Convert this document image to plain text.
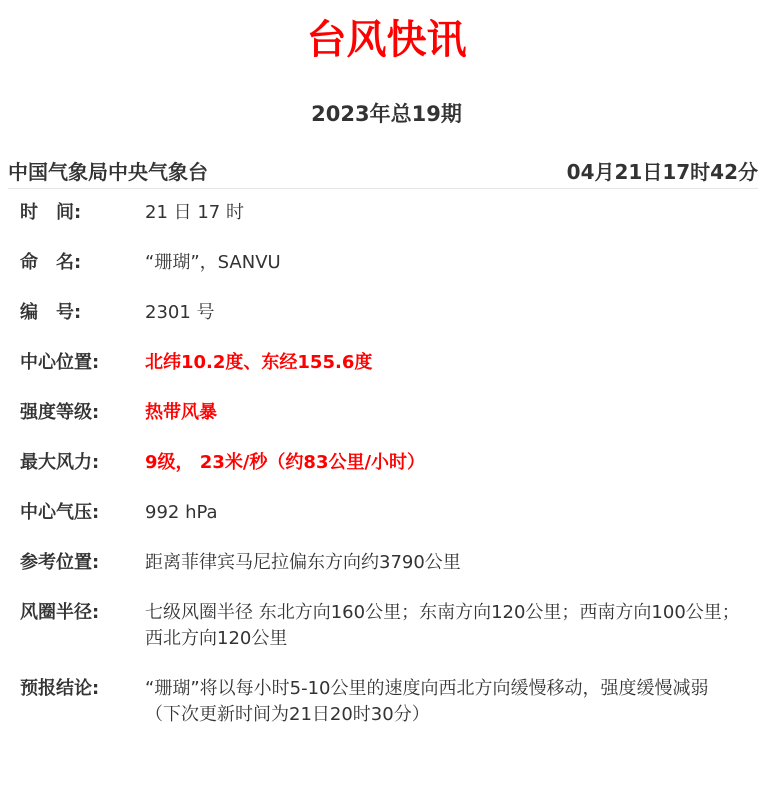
台风快讯
2023年总19期
中国气象局中央气象台	04月21日17时42分
时　间:	21 日 17 时
命　名:	“珊瑚”，SANVU
编　号:	2301 号
中心位置:	北纬10.2度、东经155.6度
强度等级:	热带风暴
最大风力:	9级， 23米/秒（约83公里/小时）
中心气压:	992 hPa
参考位置:	距离菲律宾马尼拉偏东方向约3790公里
风圈半径:	七级风圈半径 东北方向160公里；东南方向120公里；西南方向100公里；西北方向120公里
预报结论:	“珊瑚”将以每小时5-10公里的速度向西北方向缓慢移动，强度缓慢减弱
（下次更新时间为21日20时30分）
